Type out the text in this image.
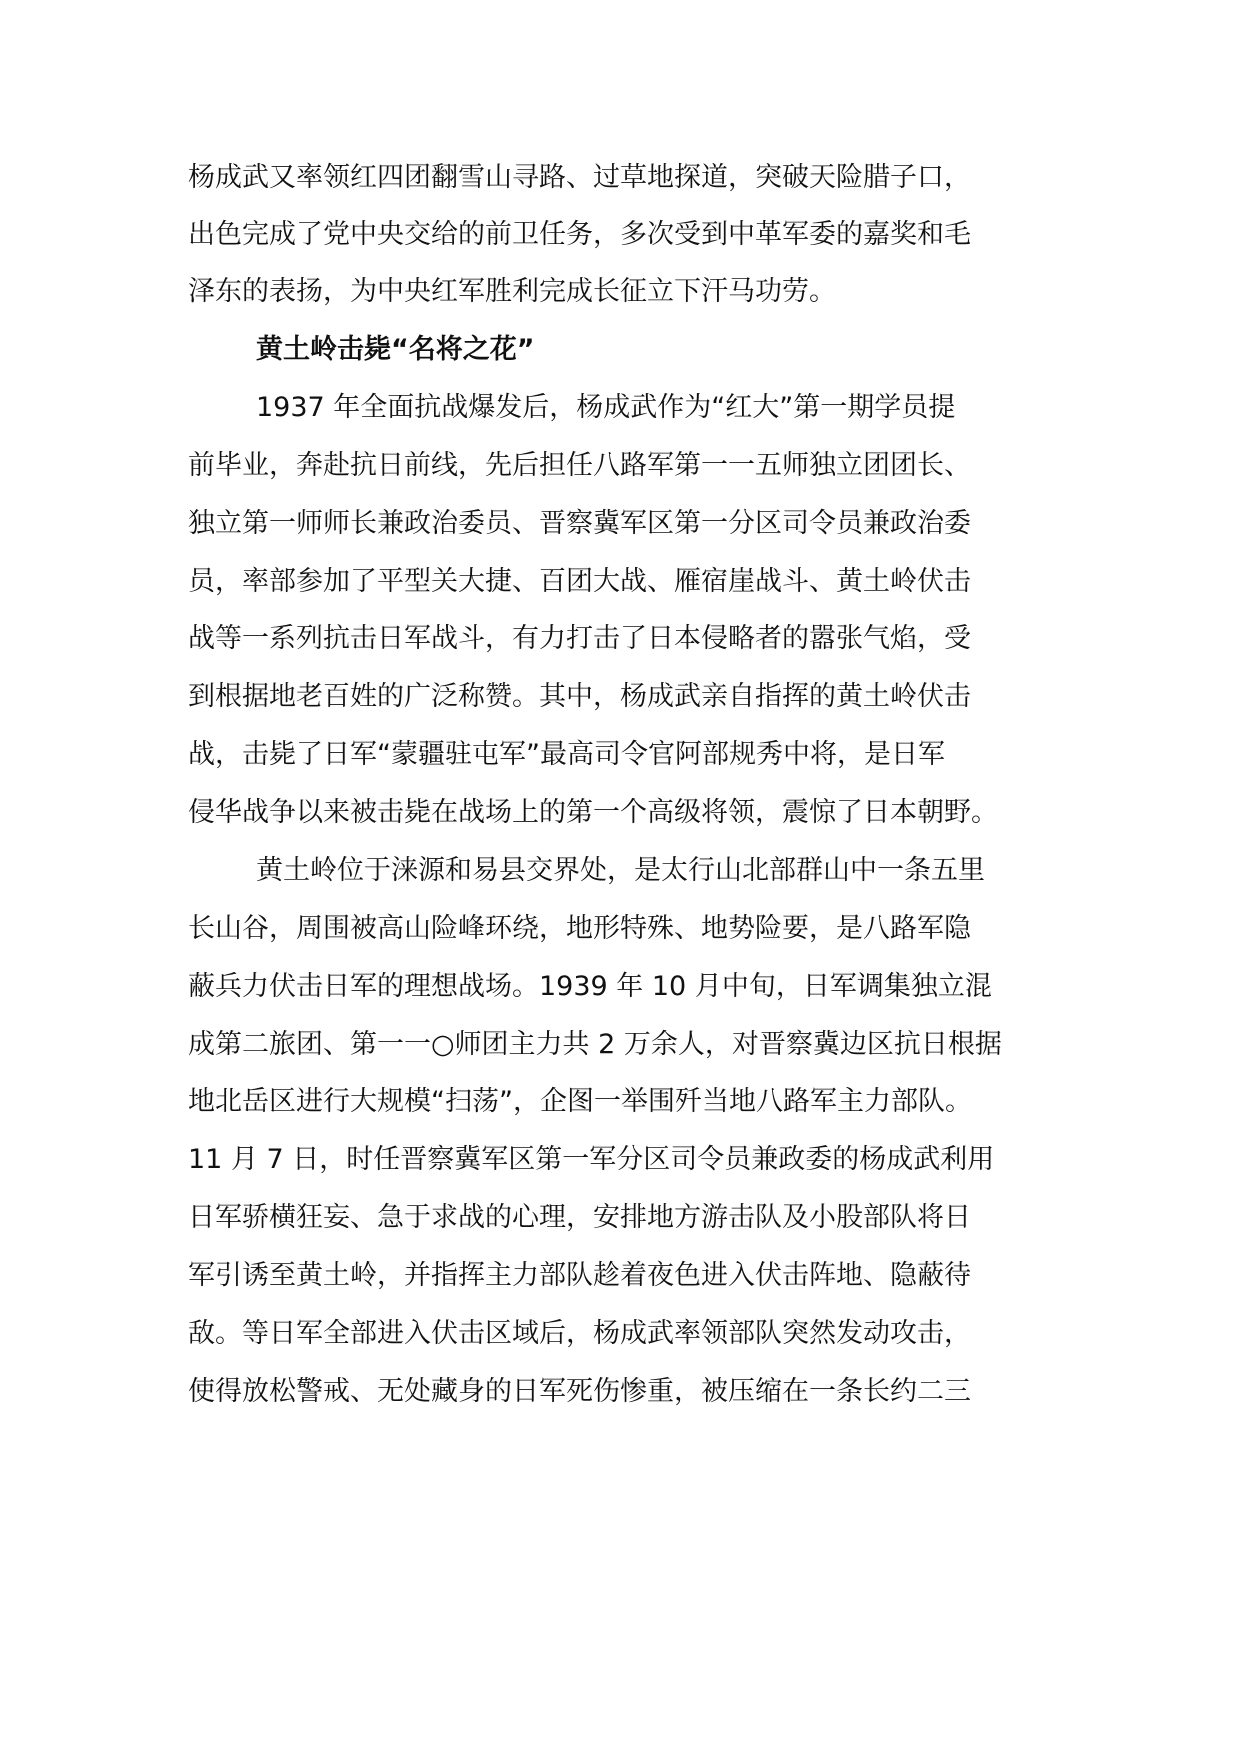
杨成武又率领红四团翻雪山寻路、过草地探道，突破天险腊子口，

出色完成了党中央交给的前卫任务，多次受到中革军委的嘉奖和毛

泽东的表扬，为中央红军胜利完成长征立下汗马功劳。

黄土岭击毙“名将之花”

1937 年全面抗战爆发后，杨成武作为“红大”第一期学员提

前毕业，奔赴抗日前线，先后担任八路军第一一五师独立团团长、

独立第一师师长兼政治委员、晋察冀军区第一分区司令员兼政治委

员，率部参加了平型关大捷、百团大战、雁宿崖战斗、黄土岭伏击

战等一系列抗击日军战斗，有力打击了日本侵略者的嚣张气焰，受

到根据地老百姓的广泛称赞。其中，杨成武亲自指挥的黄土岭伏击

战，击毙了日军“蒙疆驻屯军”最高司令官阿部规秀中将，是日军

侵华战争以来被击毙在战场上的第一个高级将领，震惊了日本朝野。

黄土岭位于涞源和易县交界处，是太行山北部群山中一条五里

长山谷，周围被高山险峰环绕，地形特殊、地势险要，是八路军隐

蔽兵力伏击日军的理想战场。1939 年 10 月中旬，日军调集独立混

成第二旅团、第一一○师团主力共 2 万余人，对晋察冀边区抗日根据

地北岳区进行大规模“扫荡”，企图一举围歼当地八路军主力部队。

11 月 7 日，时任晋察冀军区第一军分区司令员兼政委的杨成武利用

日军骄横狂妄、急于求战的心理，安排地方游击队及小股部队将日

军引诱至黄土岭，并指挥主力部队趁着夜色进入伏击阵地、隐蔽待

敌。等日军全部进入伏击区域后，杨成武率领部队突然发动攻击，

使得放松警戒、无处藏身的日军死伤惨重，被压缩在一条长约二三
